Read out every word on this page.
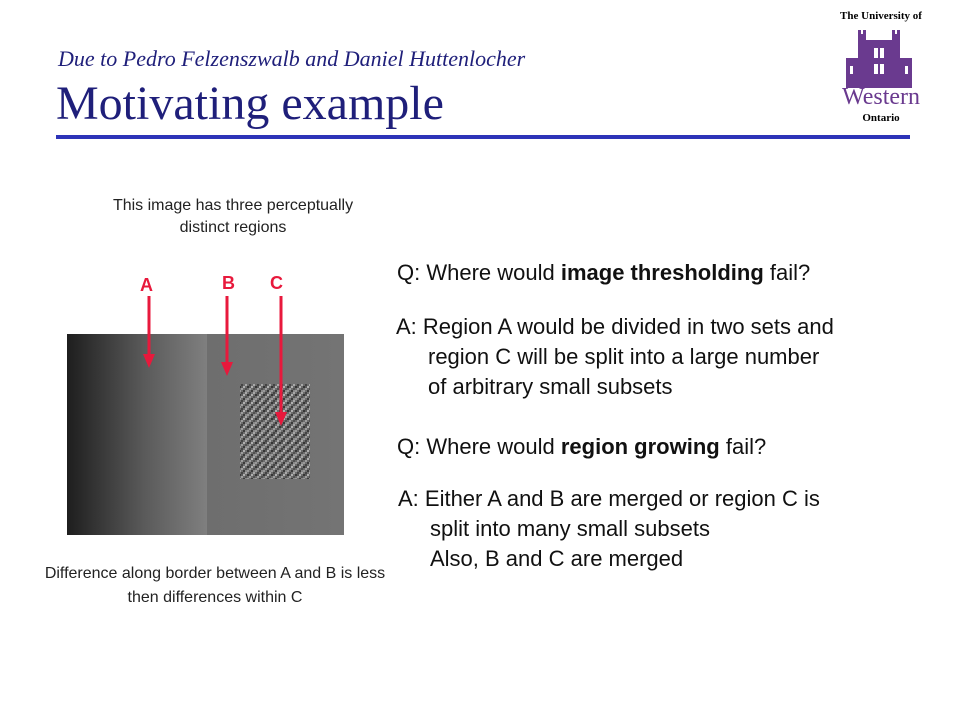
Due to Pedro Felzenszwalb and Daniel Huttenlocher
Motivating example
The University of
Western
Ontario
This image has three perceptually distinct regions
A	B C
Difference along border between A and B is less then differences within C
Q: Where would image thresholding fail?
A: Region A would be divided in two sets and
region C will be split into a large number
of arbitrary small subsets
Q: Where would region growing fail?
A: Either A and B are merged or region C is
split into many small subsets
Also, B and C are merged
